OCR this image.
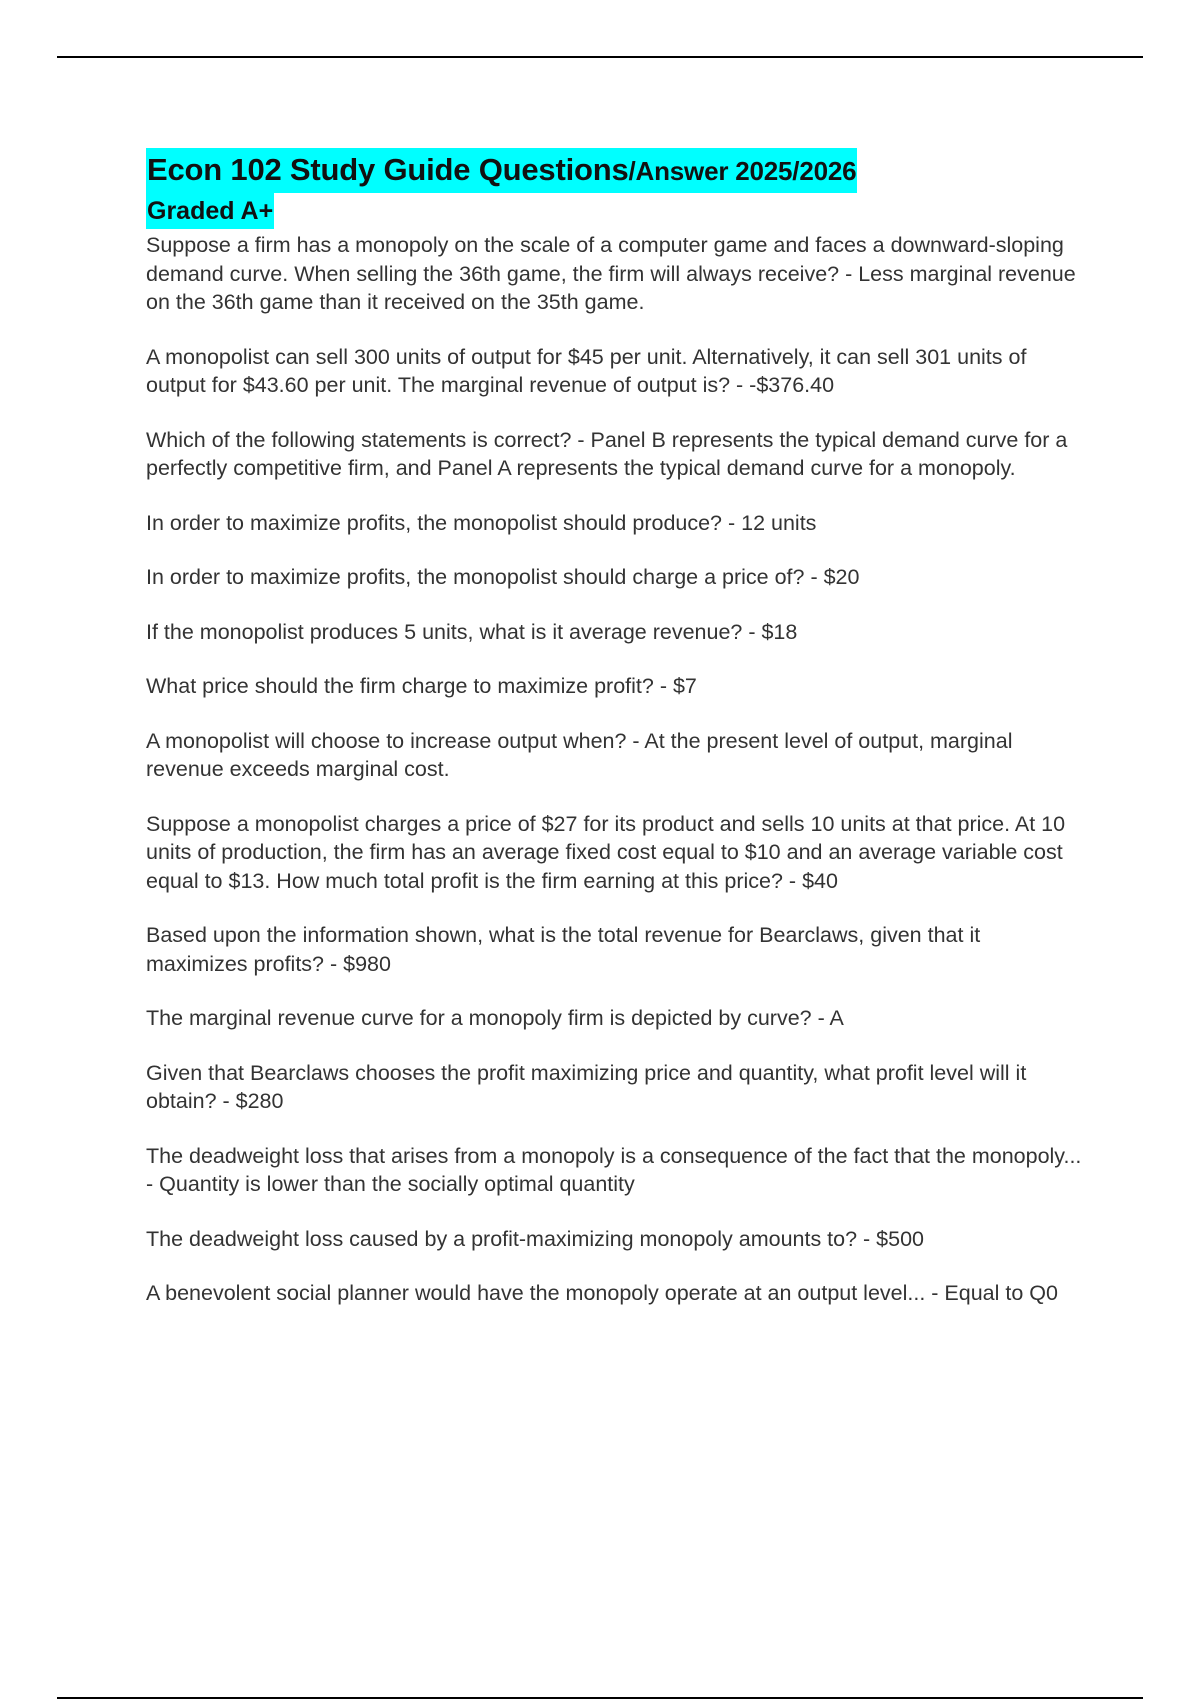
Econ 102 Study Guide Questions/Answer 2025/2026
Graded A+

Suppose a firm has a monopoly on the scale of a computer game and faces a downward-sloping demand curve. When selling the 36th game, the firm will always receive? - Less marginal revenue on the 36th game than it received on the 35th game.

A monopolist can sell 300 units of output for $45 per unit. Alternatively, it can sell 301 units of output for $43.60 per unit. The marginal revenue of output is? - -$376.40

Which of the following statements is correct? - Panel B represents the typical demand curve for a perfectly competitive firm, and Panel A represents the typical demand curve for a monopoly.

In order to maximize profits, the monopolist should produce? - 12 units

In order to maximize profits, the monopolist should charge a price of? - $20

If the monopolist produces 5 units, what is it average revenue? - $18

What price should the firm charge to maximize profit? - $7

A monopolist will choose to increase output when? - At the present level of output, marginal revenue exceeds marginal cost.

Suppose a monopolist charges a price of $27 for its product and sells 10 units at that price. At 10 units of production, the firm has an average fixed cost equal to $10 and an average variable cost equal to $13. How much total profit is the firm earning at this price? - $40

Based upon the information shown, what is the total revenue for Bearclaws, given that it maximizes profits? - $980

The marginal revenue curve for a monopoly firm is depicted by curve? - A

Given that Bearclaws chooses the profit maximizing price and quantity, what profit level will it obtain? - $280

The deadweight loss that arises from a monopoly is a consequence of the fact that the monopoly... - Quantity is lower than the socially optimal quantity

The deadweight loss caused by a profit-maximizing monopoly amounts to? - $500

A benevolent social planner would have the monopoly operate at an output level... - Equal to Q0
